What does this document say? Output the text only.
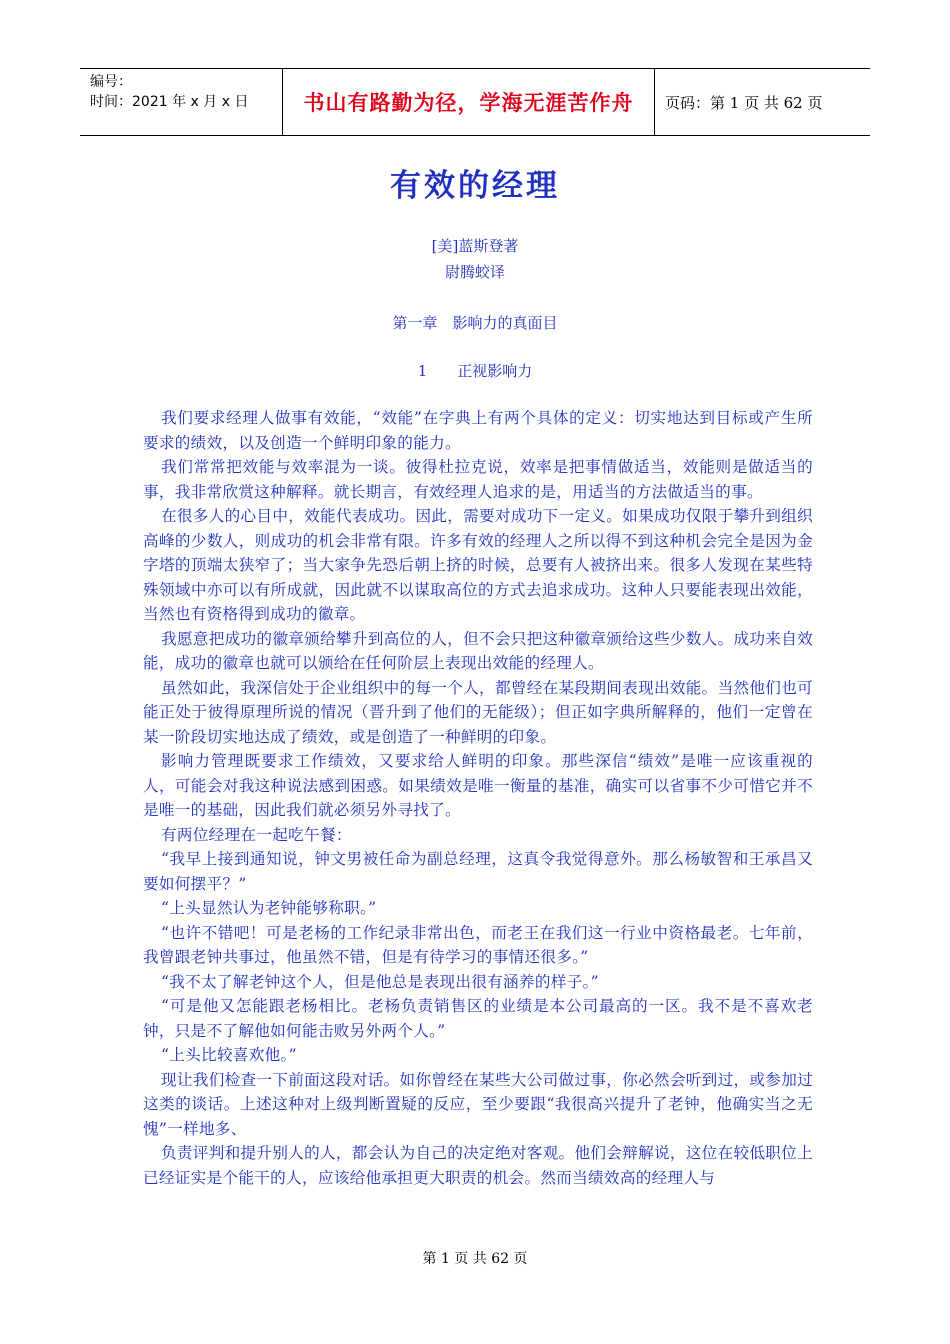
编号：
时间：2021 年 x 月 x 日	书山有路勤为径，学海无涯苦作舟 页码：第 1 页 共 62 页
有效的经理
[美]蓝斯登著
尉腾蛟译
第一章　影响力的真面目
1　　正视影响力

我们要求经理人做事有效能，“效能”在字典上有两个具体的定义：切实地达到目标或产生所要求的绩效，以及创造一个鲜明印象的能力。

我们常常把效能与效率混为一谈。彼得杜拉克说，效率是把事情做适当，效能则是做适当的事，我非常欣赏这种解释。就长期言，有效经理人追求的是，用适当的方法做适当的事。

在很多人的心目中，效能代表成功。因此，需要对成功下一定义。如果成功仅限于攀升到组织高峰的少数人，则成功的机会非常有限。许多有效的经理人之所以得不到这种机会完全是因为金字塔的顶端太狭窄了；当大家争先恐后朝上挤的时候，总要有人被挤出来。很多人发现在某些特殊领域中亦可以有所成就，因此就不以谋取高位的方式去追求成功。这种人只要能表现出效能，当然也有资格得到成功的徽章。

我愿意把成功的徽章颁给攀升到高位的人，但不会只把这种徽章颁给这些少数人。成功来自效能，成功的徽章也就可以颁给在任何阶层上表现出效能的经理人。

虽然如此，我深信处于企业组织中的每一个人，都曾经在某段期间表现出效能。当然他们也可能正处于彼得原理所说的情况（晋升到了他们的无能级）；但正如字典所解释的，他们一定曾在某一阶段切实地达成了绩效，或是创造了一种鲜明的印象。

影响力管理既要求工作绩效，又要求给人鲜明的印象。那些深信“绩效”是唯一应该重视的人，可能会对我这种说法感到困惑。如果绩效是唯一衡量的基准，确实可以省事不少可惜它并不是唯一的基础，因此我们就必须另外寻找了。

有两位经理在一起吃午餐：

“我早上接到通知说，钟文男被任命为副总经理，这真令我觉得意外。那么杨敏智和王承昌又要如何摆平？”

“上头显然认为老钟能够称职。”

“也许不错吧！可是老杨的工作纪录非常出色，而老王在我们这一行业中资格最老。七年前，我曾跟老钟共事过，他虽然不错，但是有待学习的事情还很多。”

“我不太了解老钟这个人，但是他总是表现出很有涵养的样子。”

“可是他又怎能跟老杨相比。老杨负责销售区的业绩是本公司最高的一区。我不是不喜欢老钟，只是不了解他如何能击败另外两个人。”

“上头比较喜欢他。”

现让我们检查一下前面这段对话。如你曾经在某些大公司做过事，你必然会听到过，或参加过这类的谈话。上述这种对上级判断置疑的反应，至少要跟“我很高兴提升了老钟，他确实当之无愧”一样地多、

负责评判和提升别人的人，都会认为自己的决定绝对客观。他们会辩解说，这位在较低职位上已经证实是个能干的人，应该给他承担更大职责的机会。然而当绩效高的经理人与

第 1 页 共 62 页
